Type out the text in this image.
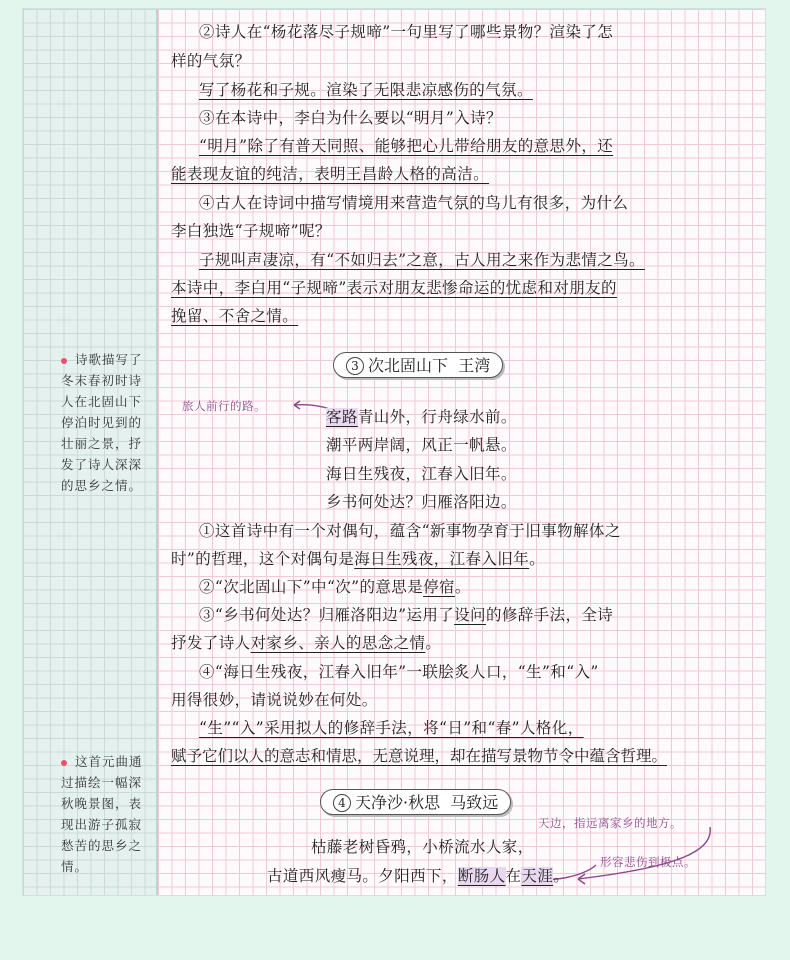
诗歌描写了冬末春初时诗人在北固山下停泊时见到的壮丽之景，抒发了诗人深深的思乡之情。
这首元曲通过描绘一幅深秋晚景图，表现出游子孤寂愁苦的思乡之情。
②诗人在“杨花落尽子规啼”一句里写了哪些景物？渲染了怎
样的气氛？
写了杨花和子规。渲染了无限悲凉感伤的气氛。
③在本诗中，李白为什么要以“明月”入诗？
“明月”除了有普天同照、能够把心儿带给朋友的意思外，还
能表现友谊的纯洁，表明王昌龄人格的高洁。
④古人在诗词中描写情境用来营造气氛的鸟儿有很多，为什么
李白独选“子规啼”呢？
子规叫声凄凉，有“不如归去”之意，古人用之来作为悲情之鸟。
本诗中，李白用“子规啼”表示对朋友悲惨命运的忧虑和对朋友的
挽留、不舍之情。
3 次北固山下 王湾
旅人前行的路。
客路青山外，行舟绿水前。
潮平两岸阔，风正一帆悬。
海日生残夜，江春入旧年。
乡书何处达？归雁洛阳边。
①这首诗中有一个对偶句，蕴含“新事物孕育于旧事物解体之
时”的哲理，这个对偶句是海日生残夜，江春入旧年。
②“次北固山下”中“次”的意思是停宿。
③“乡书何处达？归雁洛阳边”运用了设问的修辞手法，全诗
抒发了诗人对家乡、亲人的思念之情。
④“海日生残夜，江春入旧年”一联脍炙人口，“生”和“入”
用得很妙，请说说妙在何处。
“生”“入”采用拟人的修辞手法，将“日”和“春”人格化，
赋予它们以人的意志和情思，无意说理，却在描写景物节令中蕴含哲理。
4 天净沙·秋思 马致远
天边，指远离家乡的地方。
形容悲伤到极点。
枯藤老树昏鸦，小桥流水人家，
古道西风瘦马。夕阳西下，断肠人在天涯。
